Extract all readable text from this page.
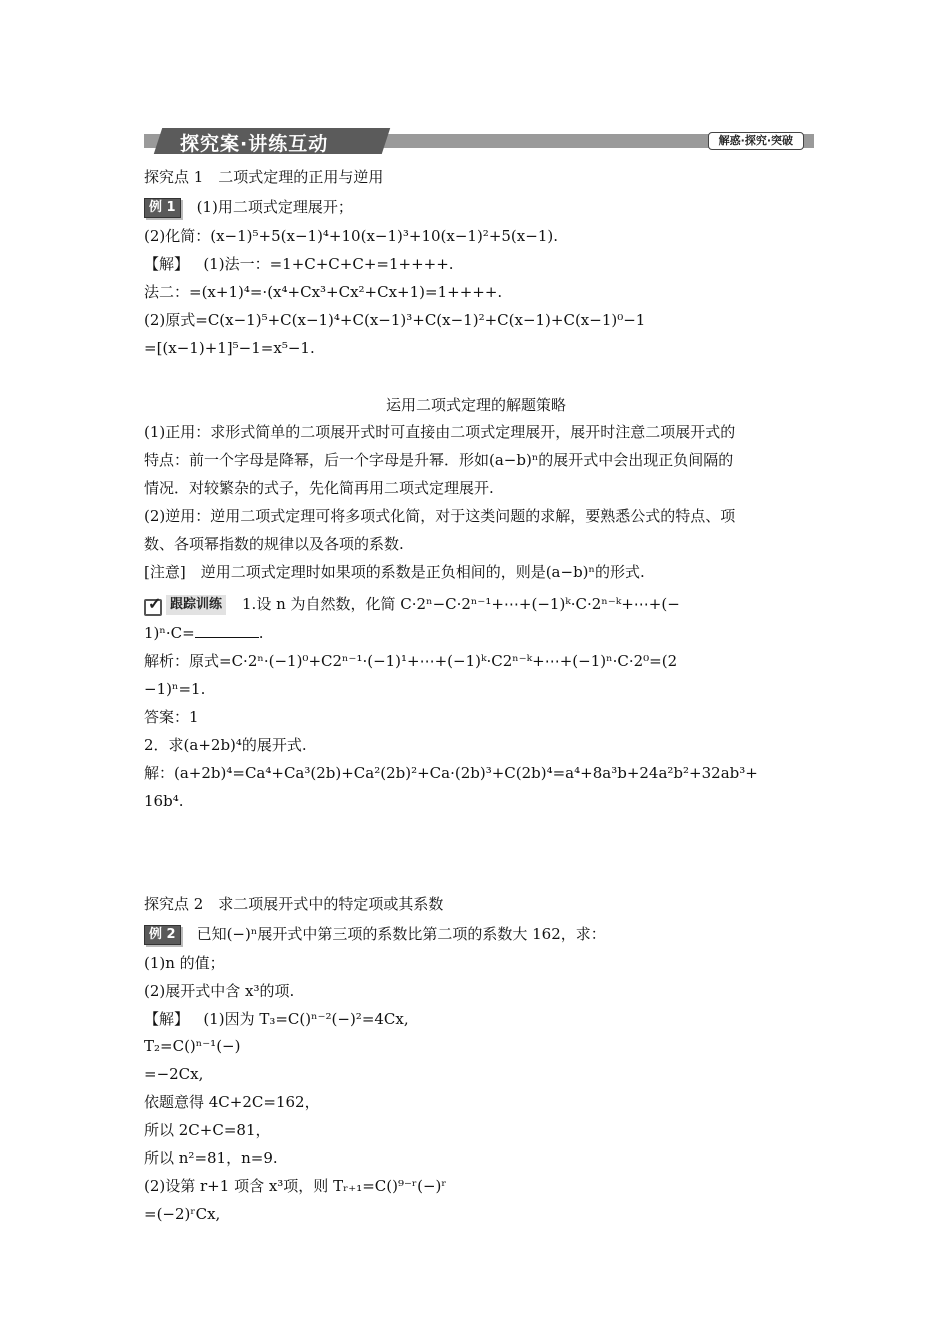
探究案·讲练互动	解惑·探究·突破
探究点 1　二项式定理的正用与逆用
例 1 (1)用二项式定理展开；
(2)化简：(x−1)⁵+5(x−1)⁴+10(x−1)³+10(x−1)²+5(x−1).
【解】 (1)法一：=1+C+C+C+=1++++.
法二：=(x+1)⁴=·(x⁴+Cx³+Cx²+Cx+1)=1++++.
(2)原式=C(x−1)⁵+C(x−1)⁴+C(x−1)³+C(x−1)²+C(x−1)+C(x−1)⁰−1
=[(x−1)+1]⁵−1=x⁵−1.
运用二项式定理的解题策略
(1)正用：求形式简单的二项展开式时可直接由二项式定理展开，展开时注意二项展开式的
特点：前一个字母是降幂，后一个字母是升幂．形如(a−b)ⁿ的展开式中会出现正负间隔的
情况．对较繁杂的式子，先化简再用二项式定理展开.
(2)逆用：逆用二项式定理可将多项式化简，对于这类问题的求解，要熟悉公式的特点、项
数、各项幂指数的规律以及各项的系数.
[注意]　逆用二项式定理时如果项的系数是正负相间的，则是(a−b)ⁿ的形式.
✓ 跟踪训练 1.设 n 为自然数，化简 C·2ⁿ−C·2ⁿ⁻¹+⋯+(−1)ᵏ·C·2ⁿ⁻ᵏ+⋯+(−
1)ⁿ·C=	.
解析：原式=C·2ⁿ·(−1)⁰+C2ⁿ⁻¹·(−1)¹+⋯+(−1)ᵏ·C2ⁿ⁻ᵏ+⋯+(−1)ⁿ·C·2⁰=(2
−1)ⁿ=1.
答案：1
2．求(a+2b)⁴的展开式.
解：(a+2b)⁴=Ca⁴+Ca³(2b)+Ca²(2b)²+Ca·(2b)³+C(2b)⁴=a⁴+8a³b+24a²b²+32ab³+
16b⁴.
探究点 2　求二项展开式中的特定项或其系数
例 2 已知(−)ⁿ展开式中第三项的系数比第二项的系数大 162，求：
(1)n 的值；
(2)展开式中含 x³的项.
【解】 (1)因为 T₃=C()ⁿ⁻²(−)²=4Cx,
T₂=C()ⁿ⁻¹(−)
=−2Cx,
依题意得 4C+2C=162，
所以 2C+C=81，
所以 n²=81，n=9.
(2)设第 r+1 项含 x³项，则 Tᵣ₊₁=C()⁹⁻ʳ(−)ʳ
=(−2)ʳCx,
